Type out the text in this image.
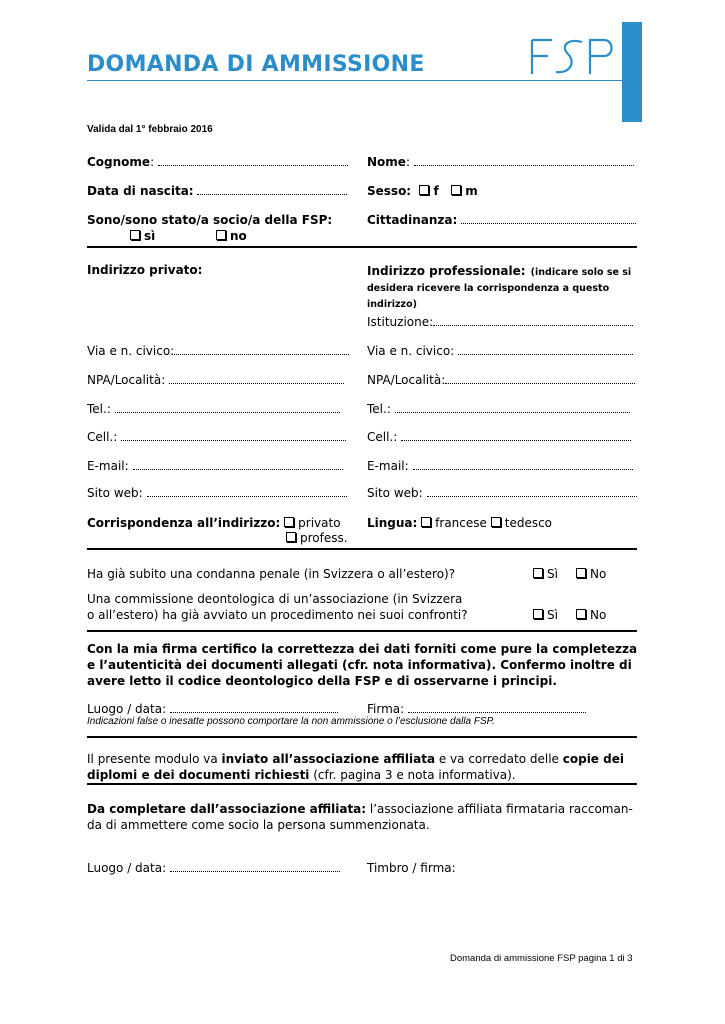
DOMANDA DI AMMISSIONE
Valida dal 1° febbraio 2016
Cognome:	Nome:
Data di nascita:	Sesso: f m
Sono/sono stato/a socio/a della FSP:
sì	no
Cittadinanza:
Indirizzo privato:	Indirizzo professionale: (indicare solo se si desidera ricevere la corrispondenza a questo indirizzo)
Istituzione:
Via e n. civico:	Via e n. civico:
NPA/Località:	NPA/Località:
Tel.:	Tel.:
Cell.:	Cell.:
E-mail:	E-mail:
Sito web:	Sito web:
Corrispondenza all’indirizzo: privato
profess.
Lingua: francese tedesco
Ha già subito una condanna penale (in Svizzera o all’estero)?	Sì	No
Una commissione deontologica di un’associazione (in Svizzera
o all’estero) ha già avviato un procedimento nei suoi confronti?	Sì	No
Con la mia firma certifico la correttezza dei dati forniti come pure la completezza
e l’autenticità dei documenti allegati (cfr. nota informativa). Confermo inoltre di
avere letto il codice deontologico della FSP e di osservarne i principi.
Luogo / data:	Firma:
Indicazioni false o inesatte possono comportare la non ammissione o l’esclusione dalla FSP.
Il presente modulo va inviato all’associazione affiliata e va corredato delle copie dei
diplomi e dei documenti richiesti (cfr. pagina 3 e nota informativa).
Da completare dall’associazione affiliata: l’associazione affiliata firmataria raccoman-
da di ammettere come socio la persona summenzionata.
Luogo / data:	Timbro / firma:
Domanda di ammissione FSP pagina 1 di 3
